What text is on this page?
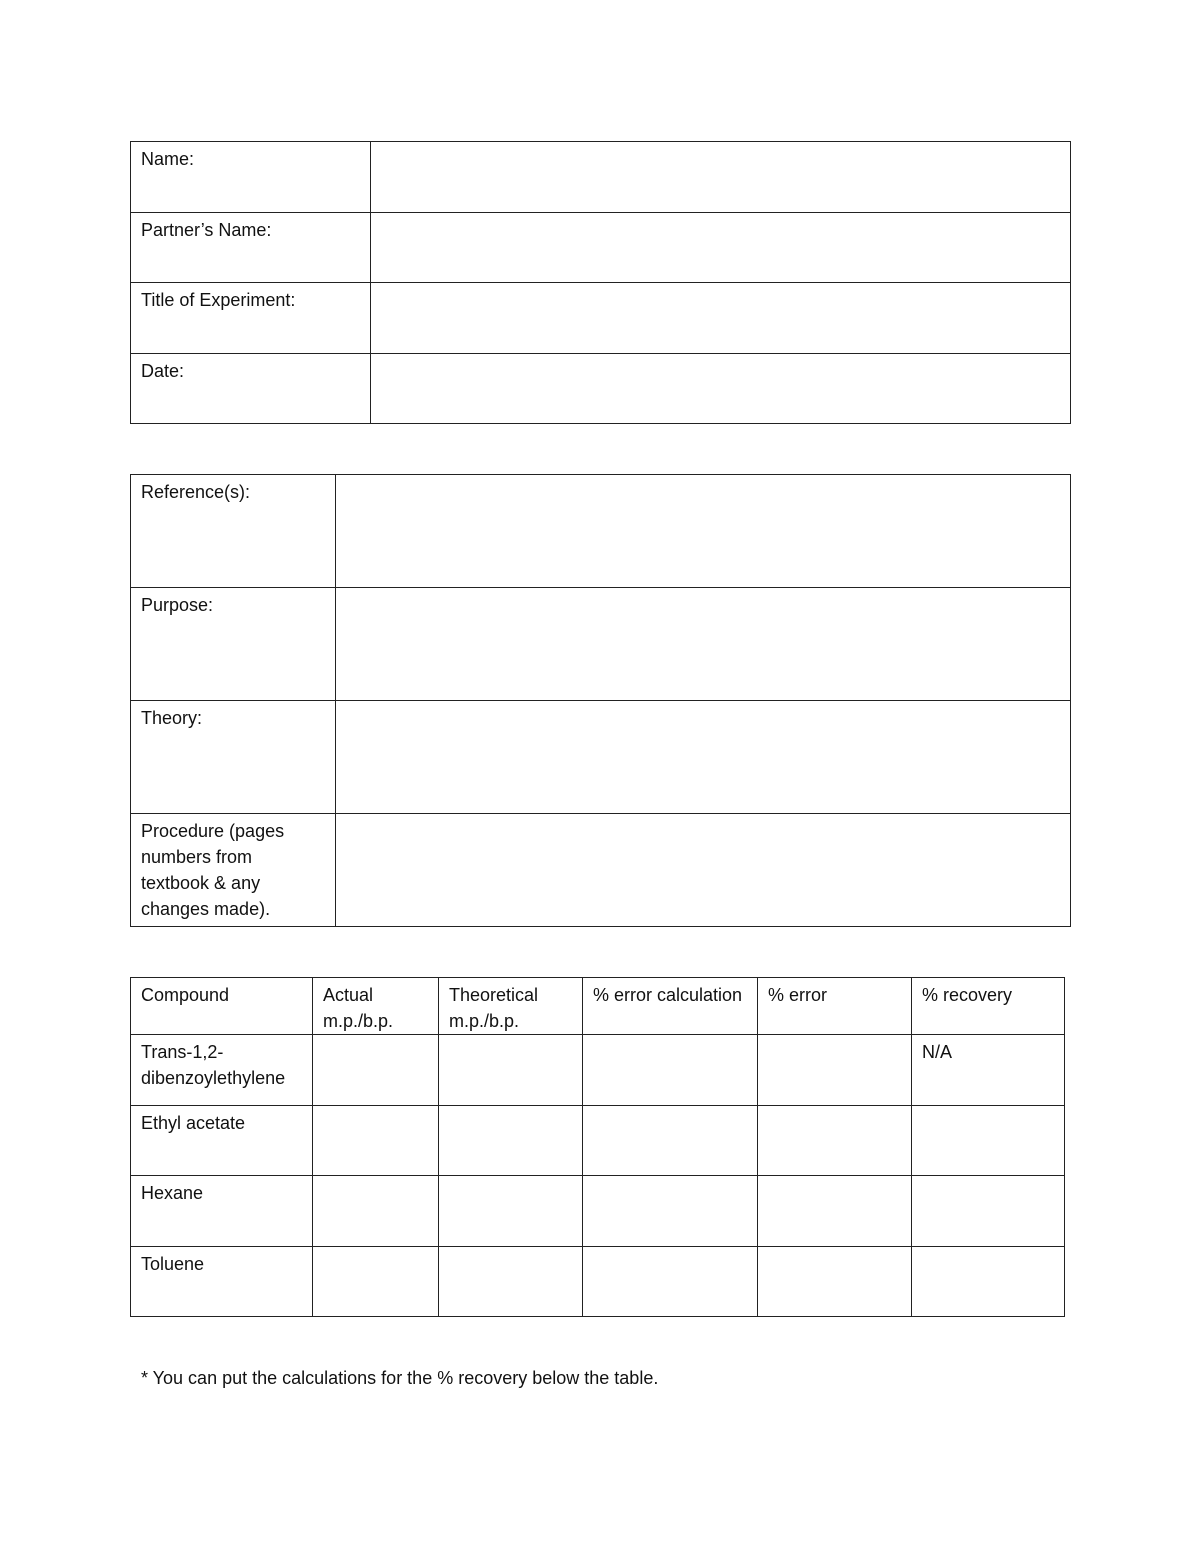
Name:	
Partner’s Name:	
Title of Experiment:	
Date:	
Reference(s):	
Purpose:	
Theory:	
Procedure (pages numbers from textbook & any changes made).	
Compound	Actual m.p./b.p.	Theoretical m.p./b.p.	% error calculation	% error	% recovery
Trans-1,2-dibenzoylethylene					N/A
Ethyl acetate					
Hexane					
Toluene					
* You can put the calculations for the % recovery below the table.
